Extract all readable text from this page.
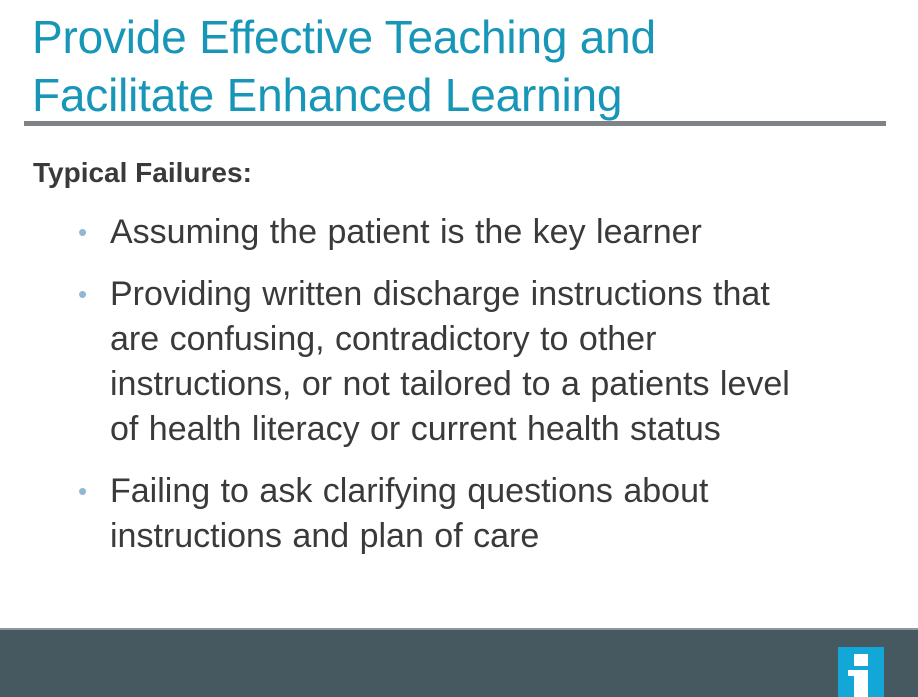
Provide Effective Teaching and
Facilitate Enhanced Learning
Typical Failures:
• Assuming the patient is the key learner
• Providing written discharge instructions that
are confusing, contradictory to other
instructions, or not tailored to a patients level
of health literacy or current health status
• Failing to ask clarifying questions about
instructions and plan of care
